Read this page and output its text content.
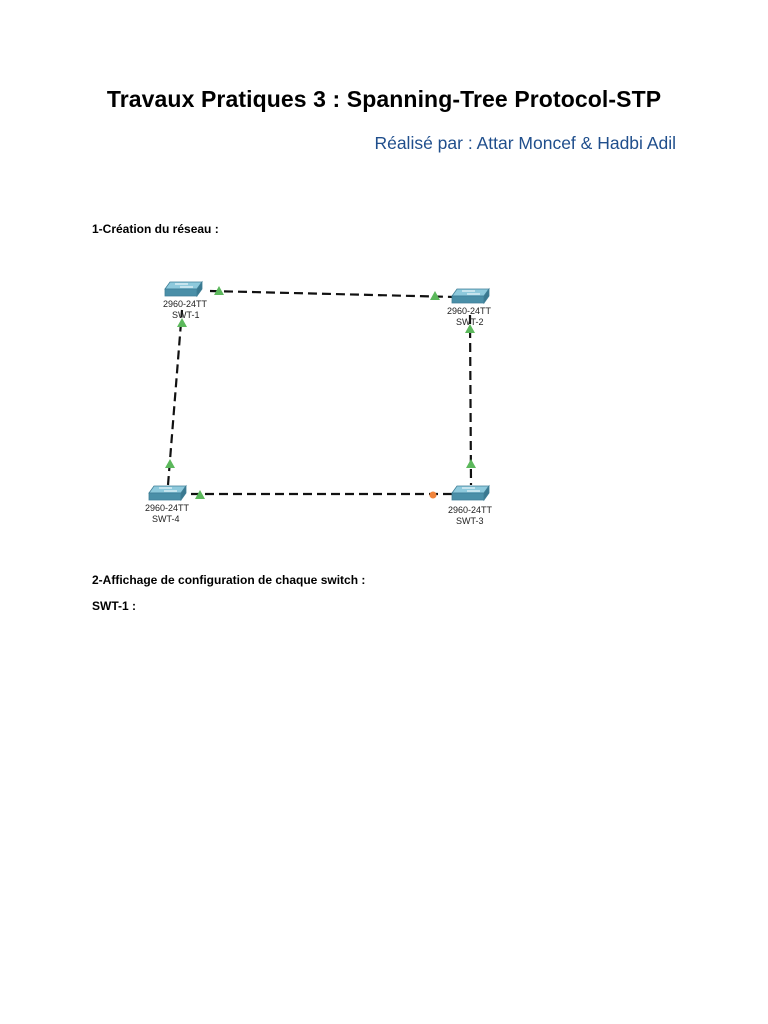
Travaux Pratiques 3 : Spanning-Tree Protocol-STP
Réalisé par : Attar Moncef & Hadbi Adil
1-Création du réseau :
2960-24TT
SWT-1	2960-24TT
SWT-2
2960-24TT
SWT-3
2960-24TT
SWT-4
2-Affichage de configuration de chaque switch :
SWT-1 :
